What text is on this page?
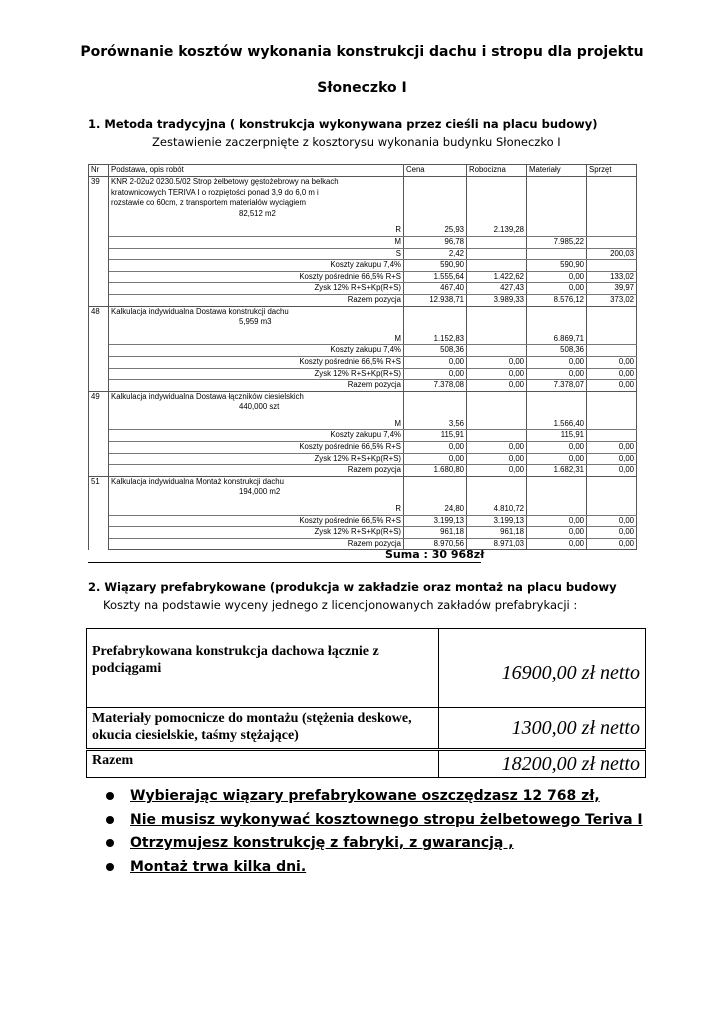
Porównanie kosztów wykonania konstrukcji dachu i stropu dla projektu
Słoneczko I
1. Metoda tradycyjna ( konstrukcja wykonywana przez cieśli na placu budowy)
Zestawienie zaczerpnięte z kosztorysu wykonania budynku Słoneczko I
Nr	Podstawa, opis robót		Cena	Robocizna	Materiały	Sprzęt
39	KNR 2-02u2 0230.5/02 Strop żelbetowy gęstożebrowy na belkach kratownicowych TERIVA I o rozpiętości ponad 3,9 do 6,0 m i rozstawie co 60cm, z transportem materiałów wyciągiem
82,512 m2					

	R		25,93	2.139,28		
	M		96,78		7.985,22	
	S		2,42			200,03
	Koszty zakupu 7,4%		590,90		590,90	
	Koszty pośrednie 66,5% R+S		1.555,64	1.422,62	0,00	133,02
	Zysk 12% R+S+Kp(R+S)		467,40	427,43	0,00	39,97
	Razem pozycja		12.938,71	3.989,33	8.576,12	373,02
48	Kalkulacja indywidualna Dostawa konstrukcji dachu
5,959 m3					

	M		1.152,83		6.869,71	
	Koszty zakupu 7,4%		508,36		508,36	
	Koszty pośrednie 66,5% R+S		0,00	0,00	0,00	0,00
	Zysk 12% R+S+Kp(R+S)		0,00	0,00	0,00	0,00
	Razem pozycja		7.378,08	0,00	7.378,07	0,00
49	Kalkulacja indywidualna Dostawa łączników ciesielskich
440,000 szt					

	M		3,56		1.566,40	
	Koszty zakupu 7,4%		115,91		115,91	
	Koszty pośrednie 66,5% R+S		0,00	0,00	0,00	0,00
	Zysk 12% R+S+Kp(R+S)		0,00	0,00	0,00	0,00
	Razem pozycja		1.680,80	0,00	1.682,31	0,00
51	Kalkulacja indywidualna Montaż konstrukcji dachu
194,000 m2					

	R		24,80	4.810,72		
	Koszty pośrednie 66,5% R+S		3.199,13	3.199,13	0,00	0,00
	Zysk 12% R+S+Kp(R+S)		961,18	961,18	0,00	0,00
	Razem pozycja		8.970,56	8.971,03	0,00	0,00
Suma : 30 968zł
2. Wiązary prefabrykowane (produkcja w zakładzie oraz montaż na placu budowy
Koszty na podstawie wyceny jednego z licencjonowanych zakładów prefabrykacji :
Prefabrykowana konstrukcja dachowa łącznie z podciągami	16900,00 zł netto
Materiały pomocnicze do montażu (stężenia deskowe, okucia ciesielskie, taśmy stężające)	1300,00 zł netto
Razem	18200,00 zł netto
Wybierając wiązary prefabrykowane oszczędzasz 12 768 zł,
Nie musisz wykonywać kosztownego stropu żelbetowego Teriva I
Otrzymujesz konstrukcję z fabryki, z gwarancją ,
Montaż trwa kilka dni.
